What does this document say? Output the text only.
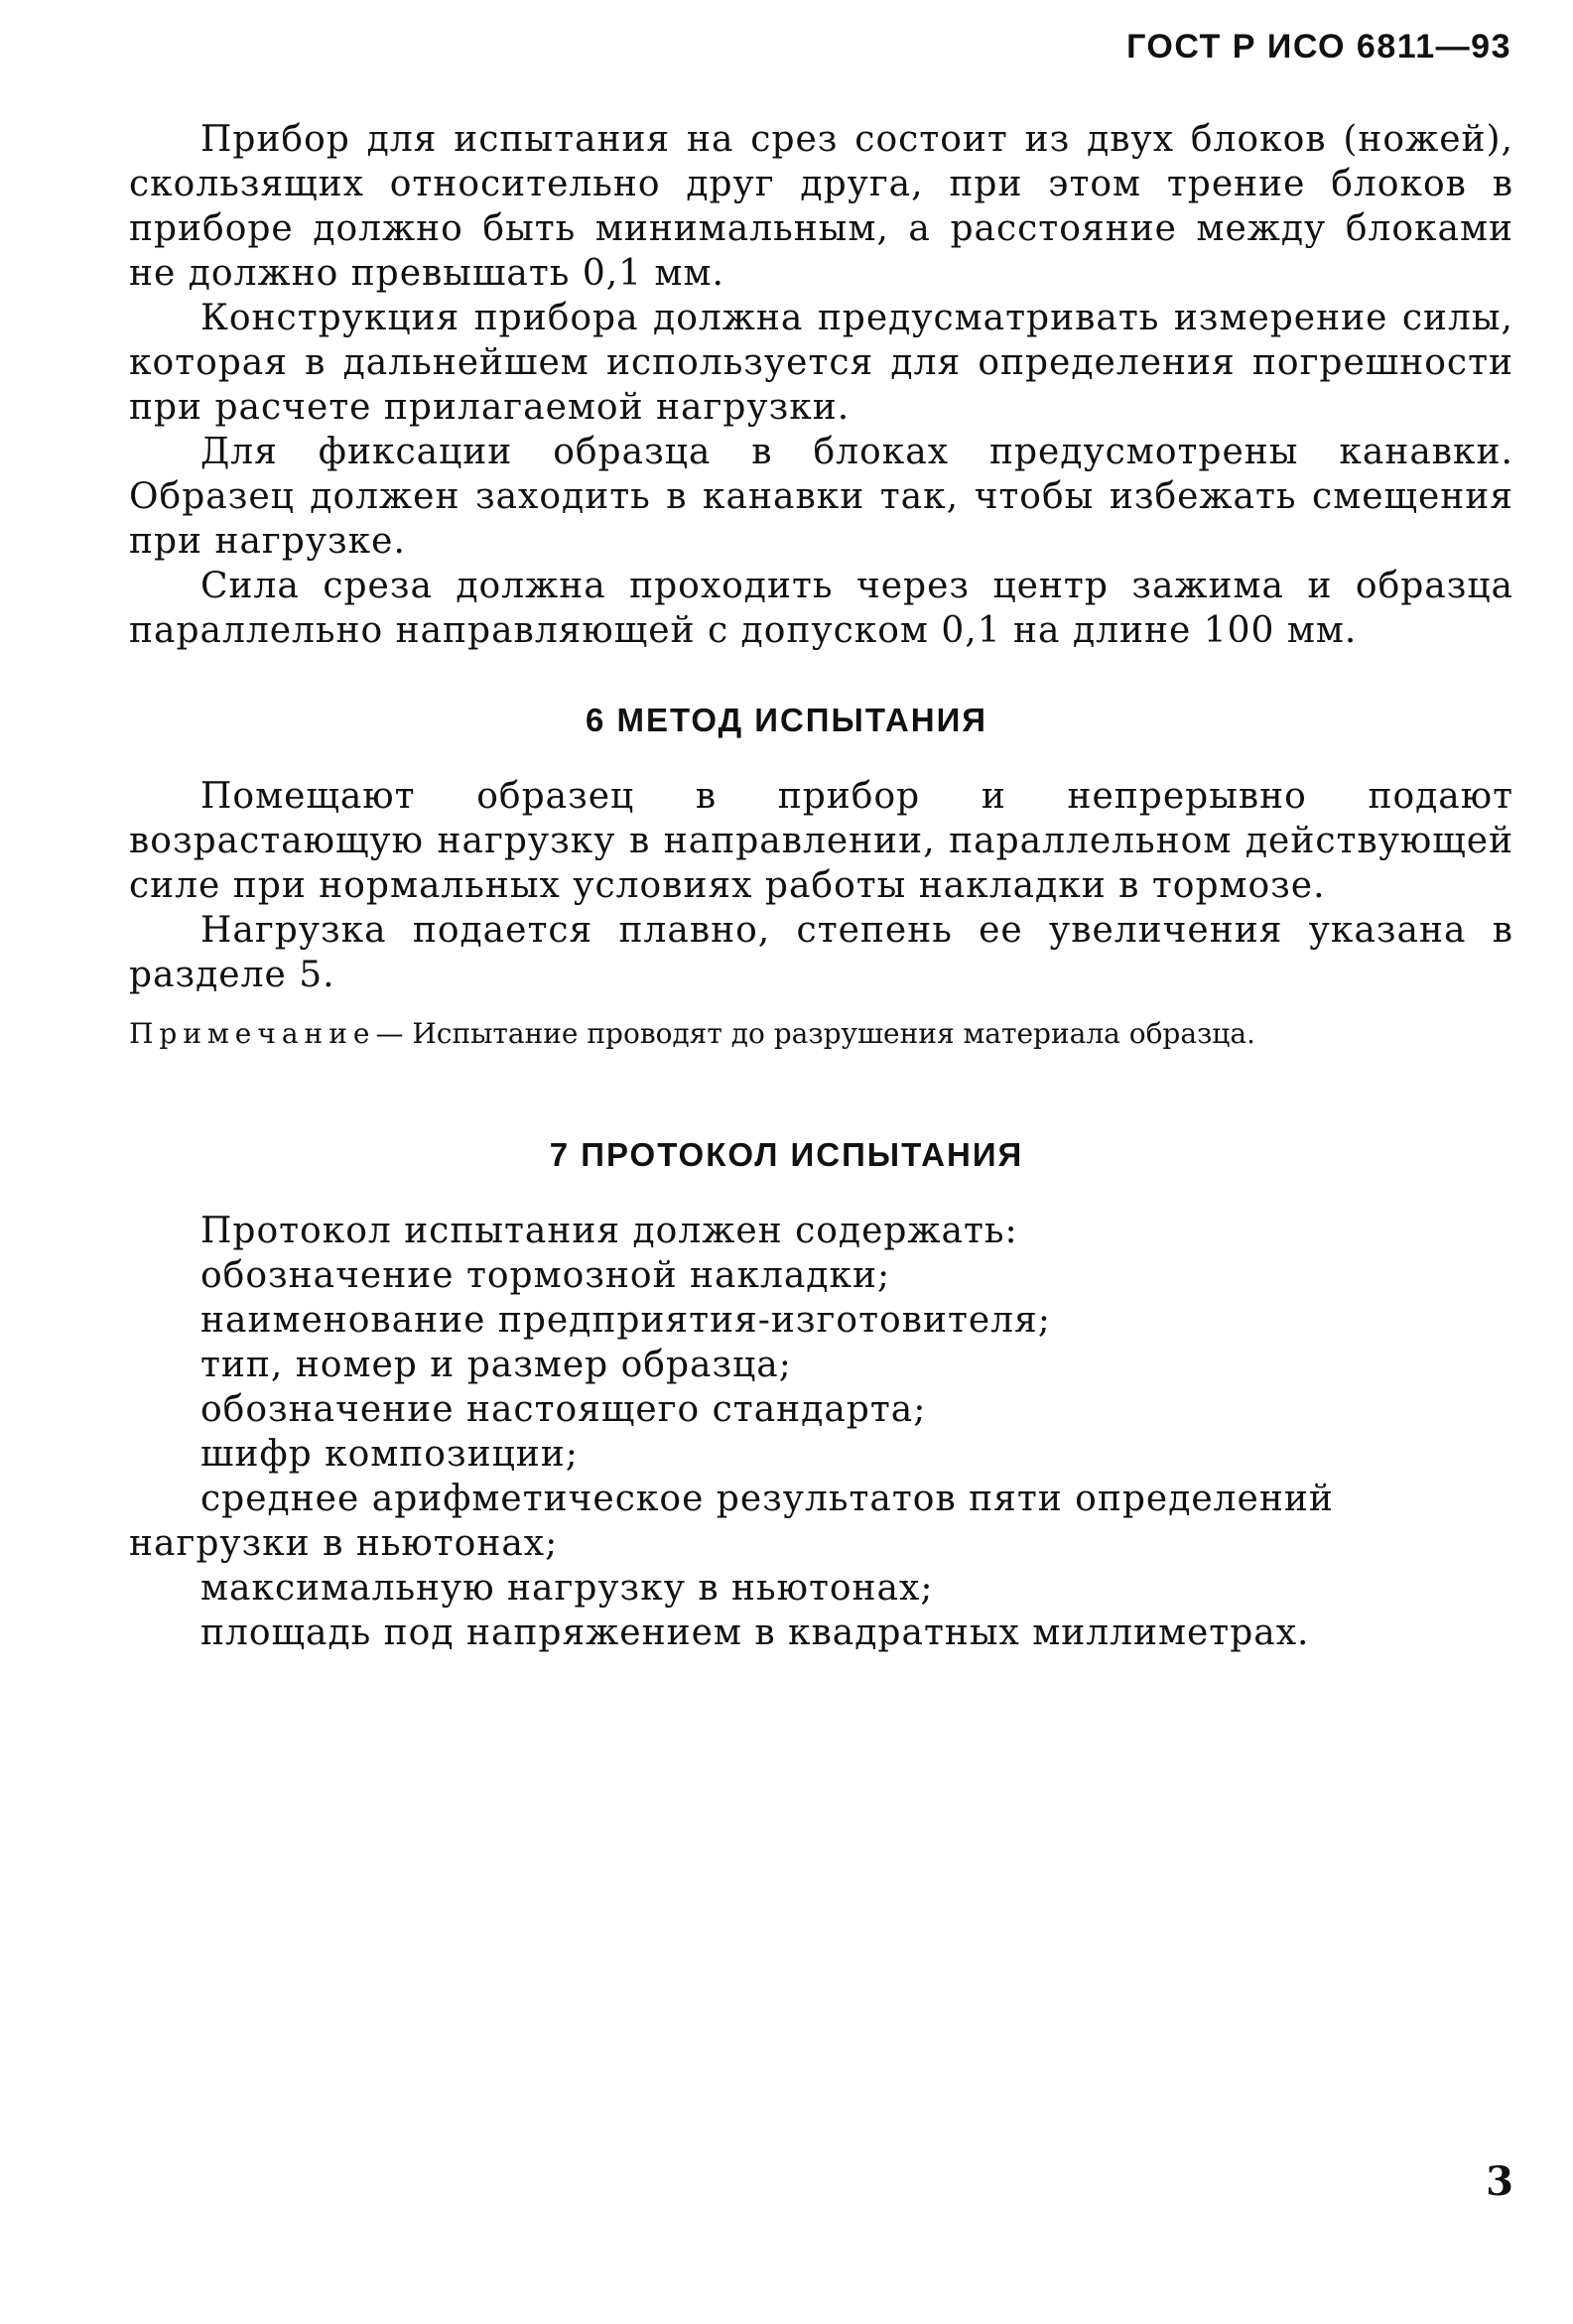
ГОСТ Р ИСО 6811—93

Прибор для испытания на срез состоит из двух блоков (ножей), скользящих относительно друг друга, при этом трение блоков в приборе должно быть минимальным, а расстояние между блоками не должно превышать 0,1 мм.

Конструкция прибора должна предусматривать измерение силы, которая в дальнейшем используется для определения погрешности при расчете прилагаемой нагрузки.

Для фиксации образца в блоках предусмотрены канавки. Образец должен заходить в канавки так, чтобы избежать смещения при нагрузке.

Сила среза должна проходить через центр зажима и образца параллельно направляющей с допуском 0,1 на длине 100 мм.

6 МЕТОД ИСПЫТАНИЯ

Помещают образец в прибор и непрерывно подают возрастающую нагрузку в направлении, параллельном действующей силе при нормальных условиях работы накладки в тормозе.

Нагрузка подается плавно, степень ее увеличения указана в разделе 5.

Примечание— Испытание проводят до разрушения материала образца.
7 ПРОТОКОЛ ИСПЫТАНИЯ
Протокол испытания должен содержать:
обозначение тормозной накладки;
наименование предприятия-изготовителя;
тип, номер и размер образца;
обозначение настоящего стандарта;
шифр композиции;
среднее арифметическое результатов пяти определений нагрузки в ньютонах;
максимальную нагрузку в ньютонах;
площадь под напряжением в квадратных миллиметрах.
3
